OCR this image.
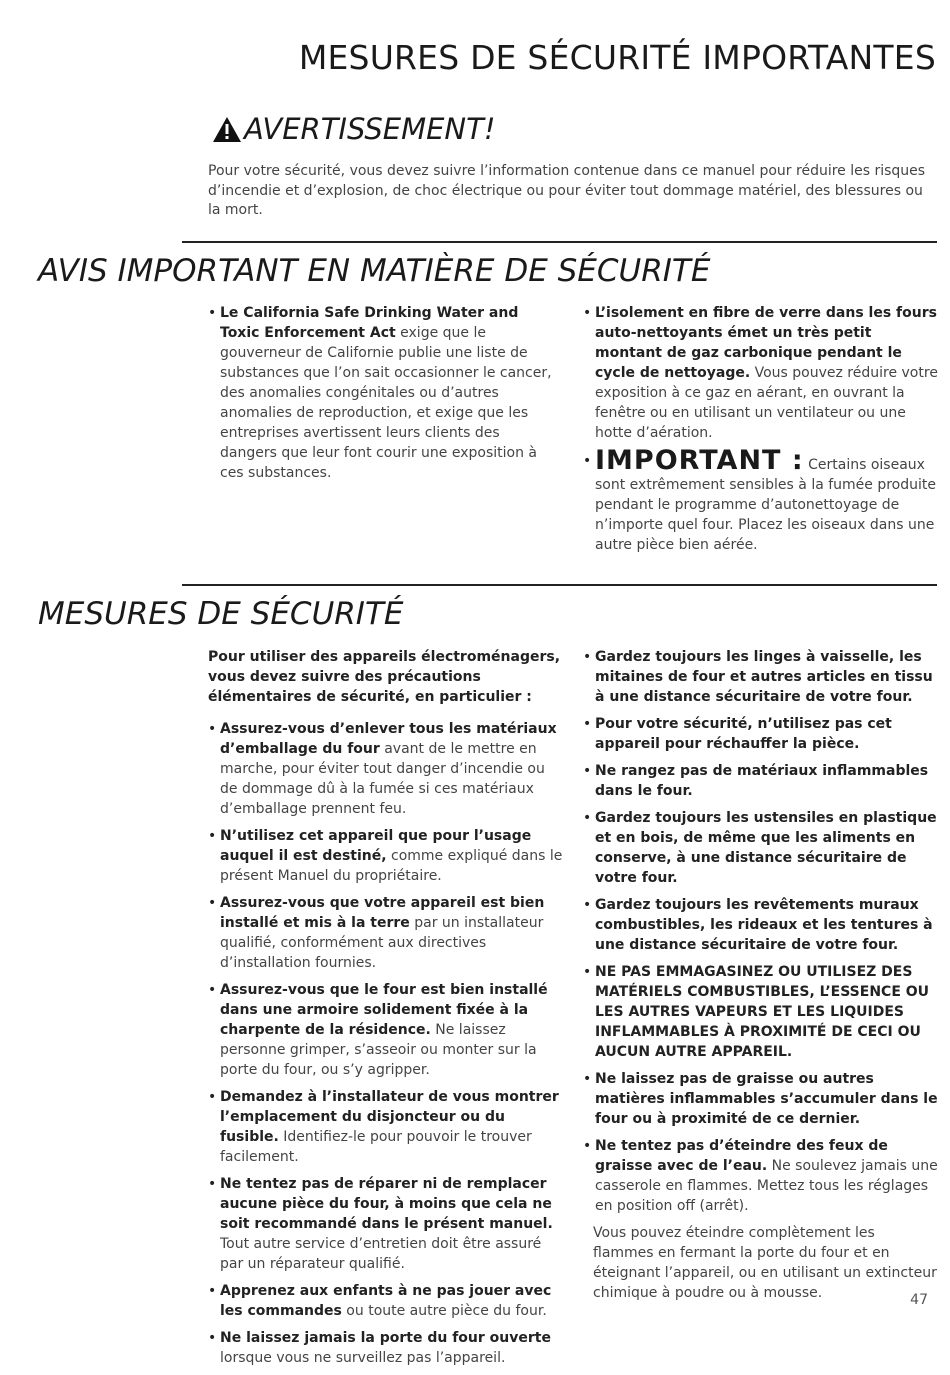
MESURES DE SÉCURITÉ IMPORTANTES
AVERTISSEMENT!

Pour votre sécurité, vous devez suivre l’information contenue dans ce manuel pour réduire les risques d’incendie et d’explosion, de choc électrique ou pour éviter tout dommage matériel, des blessures ou la mort.

AVIS IMPORTANT EN MATIÈRE DE SÉCURITÉ
• Le California Safe Drinking Water and Toxic Enforcement Act exige que le gouverneur de Californie publie une liste de substances que l’on sait occasionner le cancer, des anomalies congénitales ou d’autres anomalies de reproduction, et exige que les entreprises avertissent leurs clients des dangers que leur font courir une exposition à ces substances.
• L’isolement en fibre de verre dans les fours auto-nettoyants émet un très petit montant de gaz carbonique pendant le cycle de nettoyage. Vous pouvez réduire votre exposition à ce gaz en aérant, en ouvrant la fenêtre ou en utilisant un ventilateur ou une hotte d’aération.
• IMPORTANT : Certains oiseaux sont extrêmement sensibles à la fumée produite pendant le programme d’autonettoyage de n’importe quel four. Placez les oiseaux dans une autre pièce bien aérée.
MESURES DE SÉCURITÉ

Pour utiliser des appareils électroménagers, vous devez suivre des précautions élémentaires de sécurité, en particulier :

• Assurez-vous d’enlever tous les matériaux d’emballage du four avant de le mettre en marche, pour éviter tout danger d’incendie ou de dommage dû à la fumée si ces matériaux d’emballage prennent feu.
• N’utilisez cet appareil que pour l’usage auquel il est destiné, comme expliqué dans le présent Manuel du propriétaire.
• Assurez-vous que votre appareil est bien installé et mis à la terre par un installateur qualifié, conformément aux directives d’installation fournies.
• Assurez-vous que le four est bien installé dans une armoire solidement fixée à la charpente de la résidence. Ne laissez personne grimper, s’asseoir ou monter sur la porte du four, ou s’y agripper.
• Demandez à l’installateur de vous montrer l’emplacement du disjoncteur ou du fusible. Identifiez-le pour pouvoir le trouver facilement.
• Ne tentez pas de réparer ni de remplacer aucune pièce du four, à moins que cela ne soit recommandé dans le présent manuel. Tout autre service d’entretien doit être assuré par un réparateur qualifié.
• Apprenez aux enfants à ne pas jouer avec les commandes ou toute autre pièce du four.
• Ne laissez jamais la porte du four ouverte lorsque vous ne surveillez pas l’appareil.
• Gardez toujours les linges à vaisselle, les mitaines de four et autres articles en tissu à une distance sécuritaire de votre four.
• Pour votre sécurité, n’utilisez pas cet appareil pour réchauffer la pièce.
• Ne rangez pas de matériaux inflammables dans le four.
• Gardez toujours les ustensiles en plastique et en bois, de même que les aliments en conserve, à une distance sécuritaire de votre four.
• Gardez toujours les revêtements muraux combustibles, les rideaux et les tentures à une distance sécuritaire de votre four.
• NE PAS EMMAGASINEZ OU UTILISEZ DES MATÉRIELS COMBUSTIBLES, L’ESSENCE OU LES AUTRES VAPEURS ET LES LIQUIDES INFLAMMABLES À PROXIMITÉ DE CECI OU AUCUN AUTRE APPAREIL.
• Ne laissez pas de graisse ou autres matières inflammables s’accumuler dans le four ou à proximité de ce dernier.
• Ne tentez pas d’éteindre des feux de graisse avec de l’eau. Ne soulevez jamais une casserole en flammes. Mettez tous les réglages en position off (arrêt).

Vous pouvez éteindre complètement les flammes en fermant la porte du four et en éteignant l’appareil, ou en utilisant un extincteur chimique à poudre ou à mousse.	47
